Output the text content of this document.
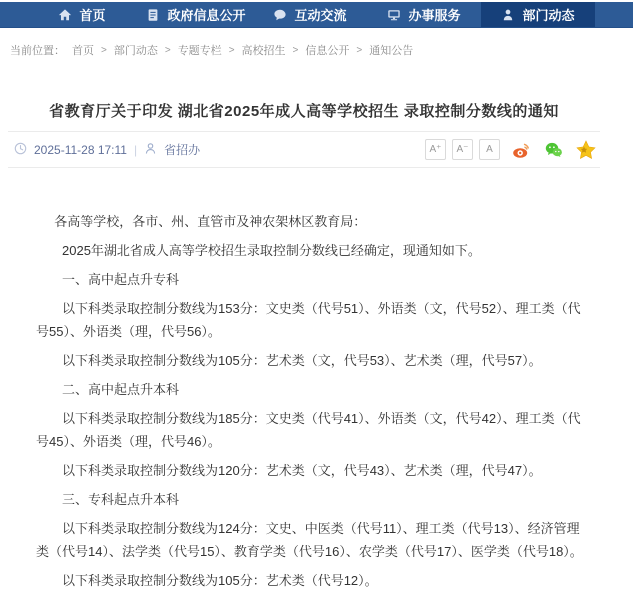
首页	政府信息公开	互动交流	办事服务	部门动态
当前位置： 首页 > 部门动态 > 专题专栏 > 高校招生 > 信息公开 > 通知公告
省教育厅关于印发 湖北省2025年成人高等学校招生 录取控制分数线的通知
2025-11-28 17:11 | 省招办	A⁺	A⁻	A

各高等学校，各市、州、直管市及神农架林区教育局：

2025年湖北省成人高等学校招生录取控制分数线已经确定，现通知如下。

一、高中起点升专科

以下科类录取控制分数线为153分：文史类（代号51）、外语类（文，代号52）、理工类（代号55）、外语类（理，代号56）。

以下科类录取控制分数线为105分：艺术类（文，代号53）、艺术类（理，代号57）。

二、高中起点升本科

以下科类录取控制分数线为185分：文史类（代号41）、外语类（文，代号42）、理工类（代号45）、外语类（理，代号46）。

以下科类录取控制分数线为120分：艺术类（文，代号43）、艺术类（理，代号47）。

三、专科起点升本科

以下科类录取控制分数线为124分：文史、中医类（代号11）、理工类（代号13）、经济管理类（代号14）、法学类（代号15）、教育学类（代号16）、农学类（代号17）、医学类（代号18）。

以下科类录取控制分数线为105分：艺术类（代号12）。
